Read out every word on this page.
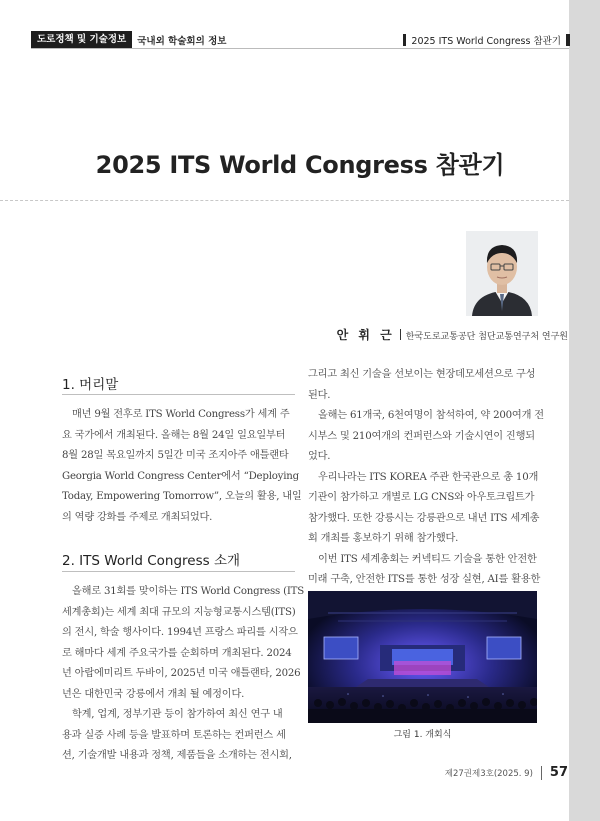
도로정책 및 기술정보	국내외 학술회의 정보	2025 ITS World Congress 참관기
2025 ITS World Congress 참관기
안 휘 근 한국도로교통공단 첨단교통연구처 연구원
1. 머리말
매년 9월 전후로 ITS World Congress가 세계 주
요 국가에서 개최된다. 올해는 8월 24일 일요일부터
8월 28일 목요일까지 5일간 미국 조지아주 애틀랜타
Georgia World Congress Center에서 “Deploying
Today, Empowering Tomorrow”, 오늘의 활용, 내일
의 역량 강화를 주제로 개최되었다.
2. ITS World Congress 소개
올해로 31회를 맞이하는 ITS World Congress (ITS
세계총회)는 세계 최대 규모의 지능형교통시스템(ITS)
의 전시, 학술 행사이다. 1994년 프랑스 파리를 시작으
로 해마다 세계 주요국가를 순회하며 개최된다. 2024
년 아랍에미리트 두바이, 2025년 미국 애틀랜타, 2026
년은 대한민국 강릉에서 개최 될 예정이다.
학계, 업계, 정부기관 등이 참가하여 최신 연구 내
용과 실증 사례 등을 발표하며 토론하는 컨퍼런스 세
션, 기술개발 내용과 정책, 제품들을 소개하는 전시회,
그리고 최신 기술을 선보이는 현장데모세션으로 구성
된다.
올해는 61개국, 6천여명이 참석하여, 약 200여개 전
시부스 및 210여개의 컨퍼런스와 기술시연이 진행되
었다.
우리나라는 ITS KOREA 주관 한국관으로 총 10개
기관이 참가하고 개별로 LG CNS와 아우토크립트가
참가했다. 또한 강릉시는 강릉관으로 내년 ITS 세계총
회 개최를 홍보하기 위해 참가했다.
이번 ITS 세계총회는 커넥티드 기술을 통한 안전한
미래 구축, 안전한 ITS를 통한 성장 실현, AI를 활용한
그림 1. 개회식
제27권제3호(2025. 9) 57
